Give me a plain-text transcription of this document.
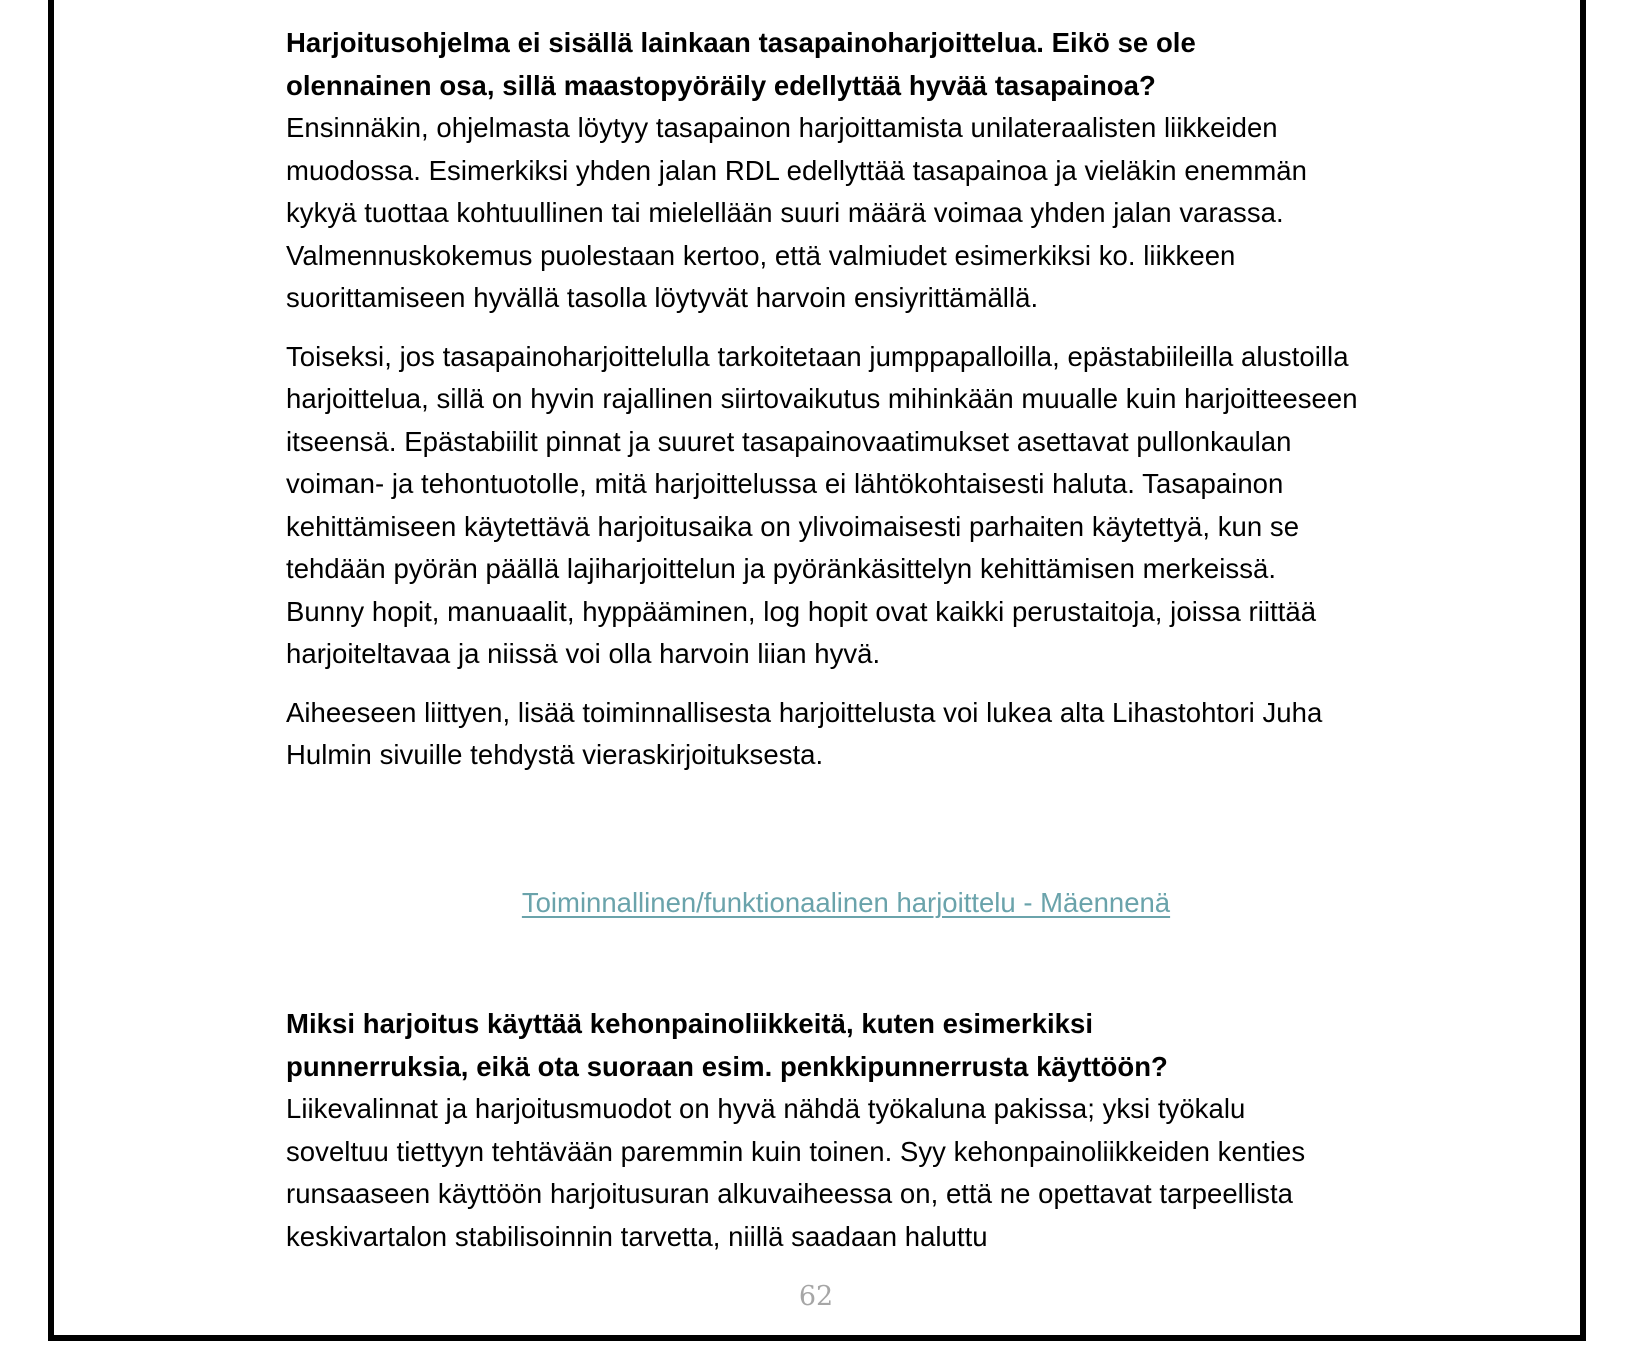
Harjoitusohjelma ei sisällä lainkaan tasapainoharjoittelua. Eikö se ole olennainen osa, sillä maastopyöräily edellyttää hyvää tasapainoa?
Ensinnäkin, ohjelmasta löytyy tasapainon harjoittamista unilateraalisten liikkeiden muodossa. Esimerkiksi yhden jalan RDL edellyttää tasapainoa ja vieläkin enemmän kykyä tuottaa kohtuullinen tai mielellään suuri määrä voimaa yhden jalan varassa. Valmennuskokemus puolestaan kertoo, että valmiudet esimerkiksi ko. liikkeen suorittamiseen hyvällä tasolla löytyvät harvoin ensiyrittämällä.

Toiseksi, jos tasapainoharjoittelulla tarkoitetaan jumppapalloilla, epästabiileilla alustoilla harjoittelua, sillä on hyvin rajallinen siirtovaikutus mihinkään muualle kuin harjoitteeseen itseensä. Epästabiilit pinnat ja suuret tasapainovaatimukset asettavat pullonkaulan voiman- ja tehontuotolle, mitä harjoittelussa ei lähtökohtaisesti haluta. Tasapainon kehittämiseen käytettävä harjoitusaika on ylivoimaisesti parhaiten käytettyä, kun se tehdään pyörän päällä lajiharjoittelun ja pyöränkäsittelyn kehittämisen merkeissä. Bunny hopit, manuaalit, hyppääminen, log hopit ovat kaikki perustaitoja, joissa riittää harjoiteltavaa ja niissä voi olla harvoin liian hyvä.

Aiheeseen liittyen, lisää toiminnallisesta harjoittelusta voi lukea alta Lihastohtori Juha Hulmin sivuille tehdystä vieraskirjoituksesta.

Toiminnallinen/funktionaalinen harjoittelu - Mäennenä

Miksi harjoitus käyttää kehonpainoliikkeitä, kuten esimerkiksi punnerruksia, eikä ota suoraan esim. penkkipunnerrusta käyttöön?
Liikevalinnat ja harjoitusmuodot on hyvä nähdä työkaluna pakissa; yksi työkalu soveltuu tiettyyn tehtävään paremmin kuin toinen. Syy kehonpainoliikkeiden kenties runsaaseen käyttöön harjoitusuran alkuvaiheessa on, että ne opettavat tarpeellista keskivartalon stabilisoinnin tarvetta, niillä saadaan haluttu

62
